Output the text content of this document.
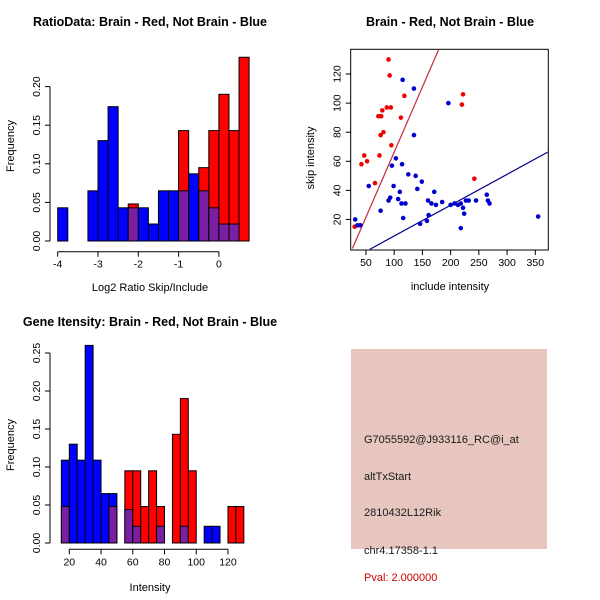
RatioData: Brain - Red, Not Brain - Blue
Log2 Ratio Skip/Include
Frequency
0.00
0.05
0.10
0.15
0.20
-4	-3	-2	-1	0
Brain - Red, Not Brain - Blue
include intensity
skip intensity
50 100 150 200 250 300 350
20
40
60
80
100
120
Gene Itensity: Brain - Red, Not Brain - Blue
Intensity
Frequency
0.00
0.05
0.10
0.15
0.20
0.25
20 40 60 80 100 120
G7055592@J933116_RC@i_at
altTxStart
2810432L12Rik
chr4.17358-1.1
Pval: 2.000000
